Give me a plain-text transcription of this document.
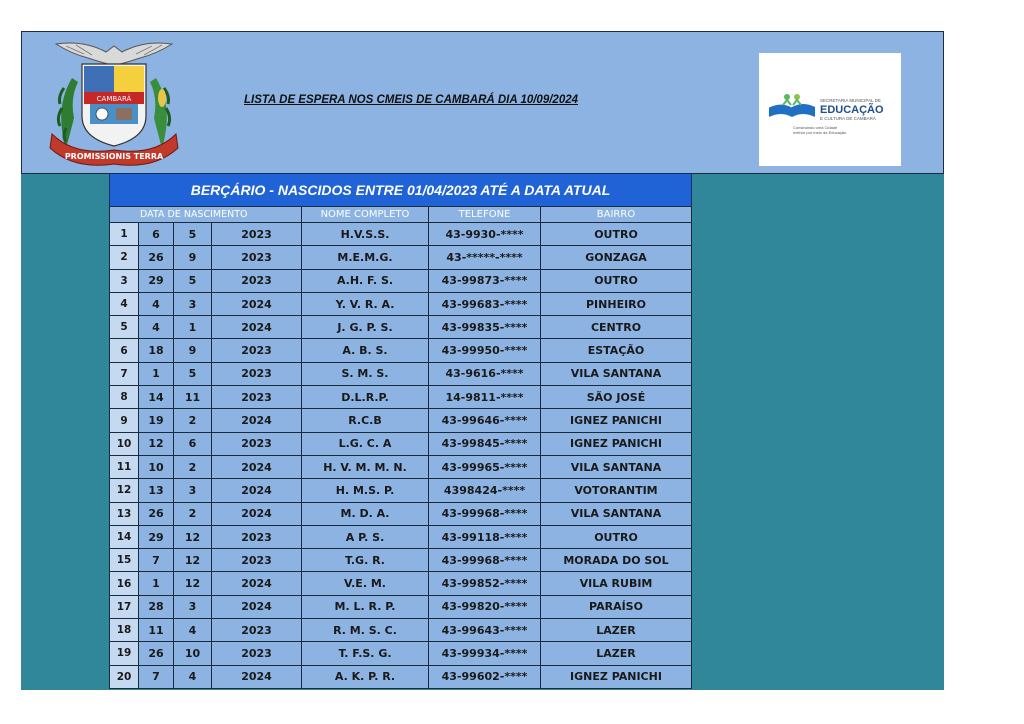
CAMBARÁ
PROMISSIONIS TERRA
LISTA DE ESPERA NOS CMEIS DE CAMBARÁ DIA 10/09/2024	SECRETARIA MUNICIPAL DE
EDUCAÇÃO
E CULTURA DE CAMBARÁ
Construindo uma Cidade
melhor por meio da Educação
BERÇÁRIO - NASCIDOS ENTRE 01/04/2023 ATÉ A DATA ATUAL
DATA DE NASCIMENTO				NOME COMPLETO	TELEFONE	BAIRRO
1	6	5	2023	H.V.S.S.	43-9930-****	OUTRO
2	26	9	2023	M.E.M.G.	43-*****-****	GONZAGA
3	29	5	2023	A.H. F. S.	43-99873-****	OUTRO
4	4	3	2024	Y. V. R. A.	43-99683-****	PINHEIRO
5	4	1	2024	J. G. P. S.	43-99835-****	CENTRO
6	18	9	2023	A. B. S.	43-99950-****	ESTAÇÃO
7	1	5	2023	S. M. S.	43-9616-****	VILA SANTANA
8	14	11	2023	D.L.R.P.	14-9811-****	SÃO JOSÉ
9	19	2	2024	R.C.B	43-99646-****	IGNEZ PANICHI
10	12	6	2023	L.G. C. A	43-99845-****	IGNEZ PANICHI
11	10	2	2024	H. V. M. M. N.	43-99965-****	VILA SANTANA
12	13	3	2024	H. M.S. P.	4398424-****	VOTORANTIM
13	26	2	2024	M. D. A.	43-99968-****	VILA SANTANA
14	29	12	2023	A P. S.	43-99118-****	OUTRO
15	7	12	2023	T.G. R.	43-99968-****	MORADA DO SOL
16	1	12	2024	V.E. M.	43-99852-****	VILA RUBIM
17	28	3	2024	M. L. R. P.	43-99820-****	PARAÍSO
18	11	4	2023	R. M. S. C.	43-99643-****	LAZER
19	26	10	2023	T. F.S. G.	43-99934-****	LAZER
20	7	4	2024	A. K. P. R.	43-99602-****	IGNEZ PANICHI
